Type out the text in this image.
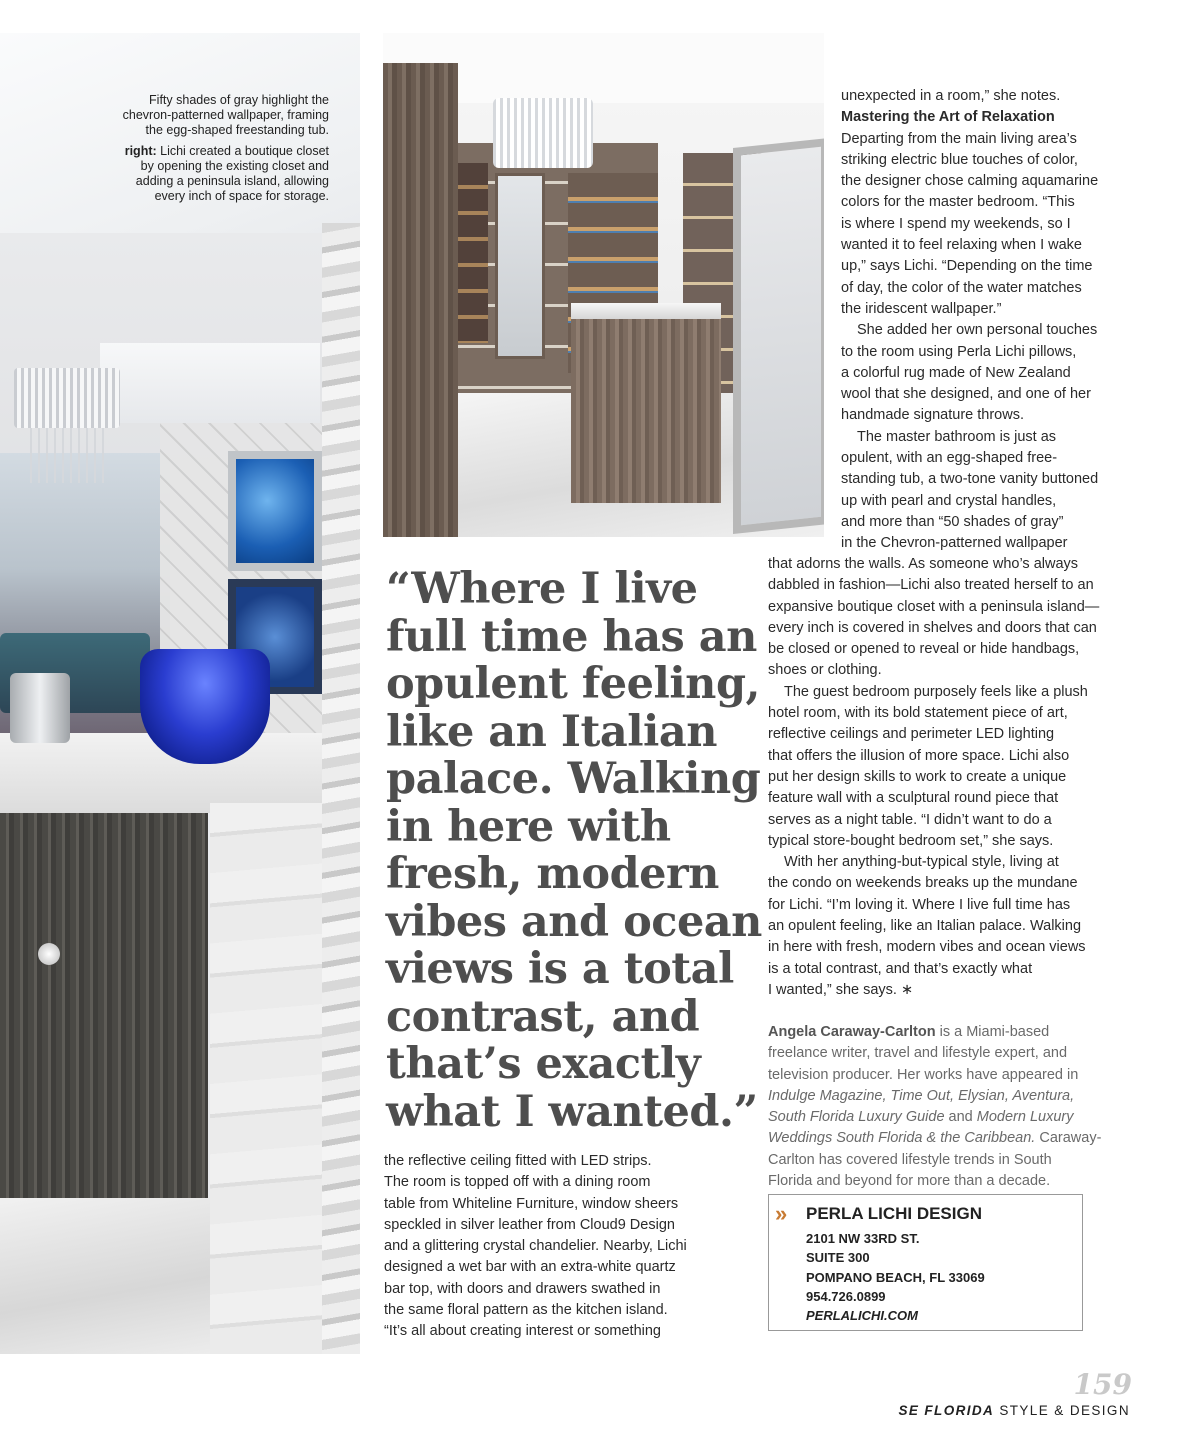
Fifty shades of gray highlight the
chevron-patterned wallpaper, framing
the egg-shaped freestanding tub.

right: Lichi created a boutique closet
by opening the existing closet and
adding a peninsula island, allowing
every inch of space for storage.

“Where I live
full time has an
opulent feeling,
like an Italian
palace. Walking
in here with
fresh, modern
vibes and ocean
views is a total
contrast, and
that’s exactly
what I wanted.”
the reflective ceiling fitted with LED strips.
The room is topped off with a dining room
table from Whiteline Furniture, window sheers
speckled in silver leather from Cloud9 Design
and a glittering crystal chandelier. Nearby, Lichi
designed a wet bar with an extra-white quartz
bar top, with doors and drawers swathed in
the same floral pattern as the kitchen island.
“It’s all about creating interest or something
unexpected in a room,” she notes.
Mastering the Art of Relaxation
Departing from the main living area’s
striking electric blue touches of color,
the designer chose calming aquamarine
colors for the master bedroom. “This
is where I spend my weekends, so I
wanted it to feel relaxing when I wake
up,” says Lichi. “Depending on the time
of day, the color of the water matches
the iridescent wallpaper.”
She added her own personal touches
to the room using Perla Lichi pillows,
a colorful rug made of New Zealand
wool that she designed, and one of her
handmade signature throws.
The master bathroom is just as
opulent, with an egg-shaped free-
standing tub, a two-tone vanity buttoned
up with pearl and crystal handles,
and more than “50 shades of gray”
in the Chevron-patterned wallpaper
that adorns the walls. As someone who’s always
dabbled in fashion—Lichi also treated herself to an
expansive boutique closet with a peninsula island—
every inch is covered in shelves and doors that can
be closed or opened to reveal or hide handbags,
shoes or clothing.
The guest bedroom purposely feels like a plush
hotel room, with its bold statement piece of art,
reflective ceilings and perimeter LED lighting
that offers the illusion of more space. Lichi also
put her design skills to work to create a unique
feature wall with a sculptural round piece that
serves as a night table. “I didn’t want to do a
typical store-bought bedroom set,” she says.
With her anything-but-typical style, living at
the condo on weekends breaks up the mundane
for Lichi. “I’m loving it. Where I live full time has
an opulent feeling, like an Italian palace. Walking
in here with fresh, modern vibes and ocean views
is a total contrast, and that’s exactly what
I wanted,” she says. ∗
Angela Caraway-Carlton is a Miami-based
freelance writer, travel and lifestyle expert, and
television producer. Her works have appeared in
Indulge Magazine, Time Out, Elysian, Aventura,
South Florida Luxury Guide and Modern Luxury
Weddings South Florida & the Caribbean. Caraway-
Carlton has covered lifestyle trends in South
Florida and beyond for more than a decade.
» PERLA LICHI DESIGN
2101 NW 33RD ST.
SUITE 300
POMPANO BEACH, FL 33069
954.726.0899
PERLALICHI.COM
159
SE FLORIDA STYLE & DESIGN
